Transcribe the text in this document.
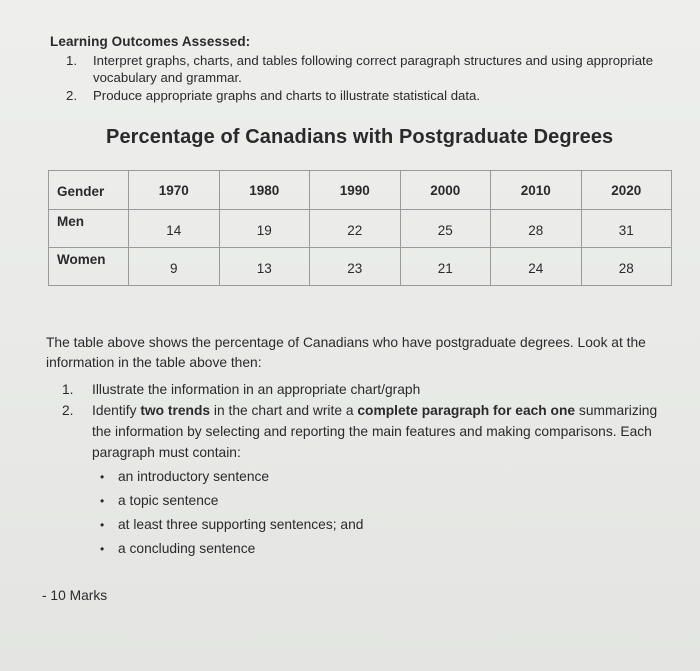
Learning Outcomes Assessed:
1. Interpret graphs, charts, and tables following correct paragraph structures and using appropriate vocabulary and grammar.
2. Produce appropriate graphs and charts to illustrate statistical data.
Percentage of Canadians with Postgraduate Degrees
Gender	1970	1980	1990	2000	2010	2020
Men	14	19	22	25	28	31
Women	9	13	23	21	24	28
The table above shows the percentage of Canadians who have postgraduate degrees. Look at the information in the table above then:
1. Illustrate the information in an appropriate chart/graph
2. Identify two trends in the chart and write a complete paragraph for each one summarizing the information by selecting and reporting the main features and making comparisons. Each paragraph must contain:
• an introductory sentence
• a topic sentence
• at least three supporting sentences; and
• a concluding sentence
- 10 Marks
